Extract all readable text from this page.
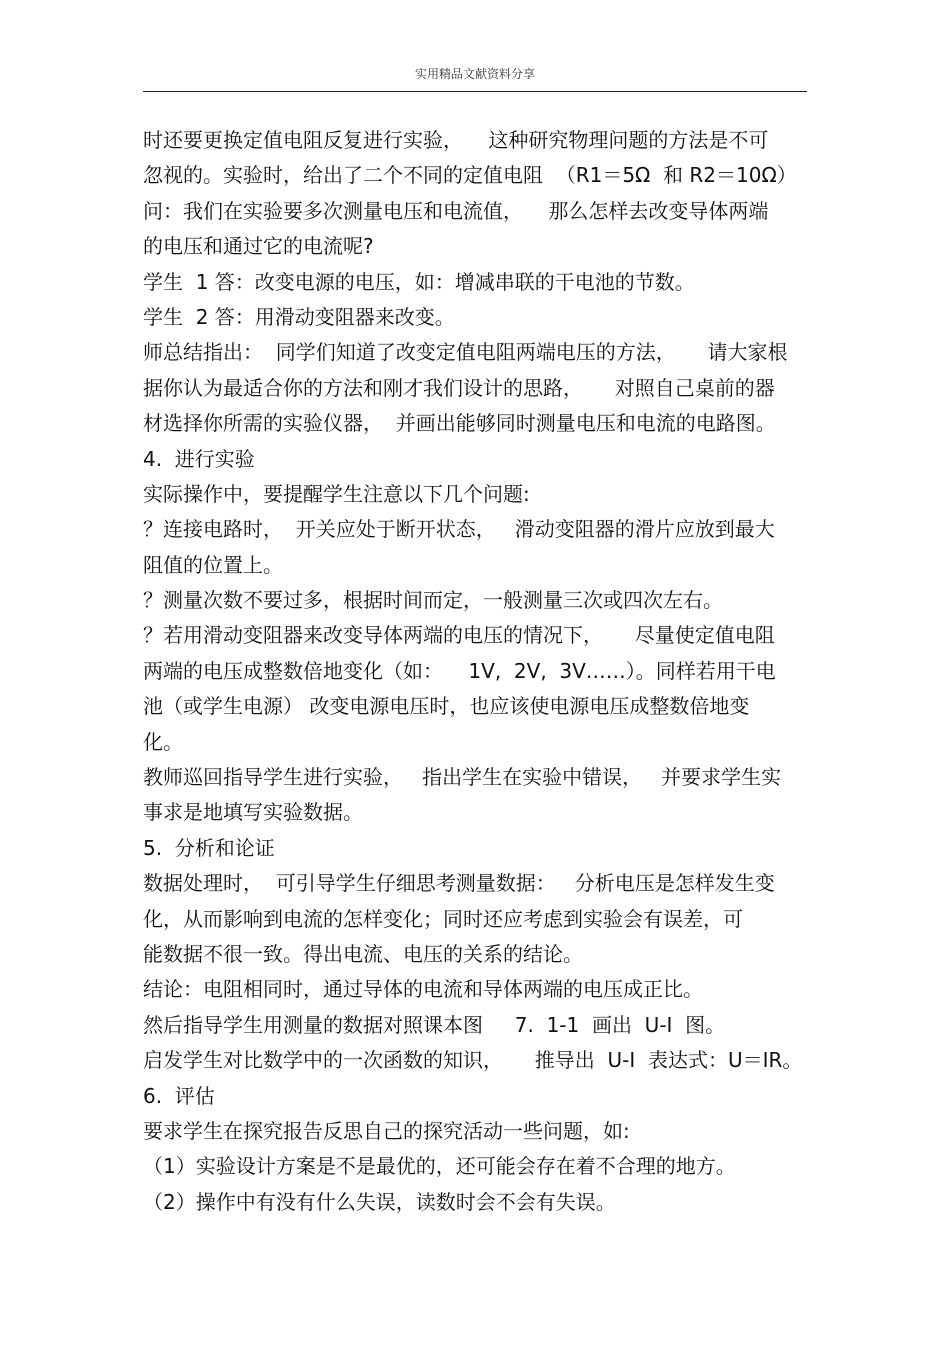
实用精品文献资料分享
时还要更换定值电阻反复进行实验，    这种研究物理问题的方法是不可
忽视的。实验时，给出了二个不同的定值电阻  （R1＝5Ω  和 R2＝10Ω）
问：我们在实验要多次测量电压和电流值，    那么怎样去改变导体两端
的电压和通过它的电流呢?
学生  1 答：改变电源的电压，如：增减串联的干电池的节数。
学生  2 答：用滑动变阻器来改变。
师总结指出：  同学们知道了改变定值电阻两端电压的方法，     请大家根
据你认为最适合你的方法和刚才我们设计的思路，     对照自己桌前的器
材选择你所需的实验仪器，  并画出能够同时测量电压和电流的电路图。
4.  进行实验
实际操作中，要提醒学生注意以下几个问题:
？连接电路时，  开关应处于断开状态，   滑动变阻器的滑片应放到最大
阻值的位置上。
？测量次数不要过多，根据时间而定，一般测量三次或四次左右。
？若用滑动变阻器来改变导体两端的电压的情况下，     尽量使定值电阻
两端的电压成整数倍地变化（如：    1V,  2V,  3V……）。同样若用干电
池（或学生电源） 改变电源电压时，也应该使电源电压成整数倍地变
化。
教师巡回指导学生进行实验，   指出学生在实验中错误，   并要求学生实
事求是地填写实验数据。
5.  分析和论证
数据处理时，  可引导学生仔细思考测量数据：   分析电压是怎样发生变
化，从而影响到电流的怎样变化；同时还应考虑到实验会有误差，可
能数据不很一致。得出电流、电压的关系的结论。
结论：电阻相同时，通过导体的电流和导体两端的电压成正比。
然后指导学生用测量的数据对照课本图     7.  1-1  画出  U-I  图。
启发学生对比数学中的一次函数的知识，     推导出  U-I  表达式：U＝IR。
6.  评估
要求学生在探究报告反思自己的探究活动一些问题，如:
（1）实验设计方案是不是最优的，还可能会存在着不合理的地方。
（2）操作中有没有什么失误，读数时会不会有失误。
